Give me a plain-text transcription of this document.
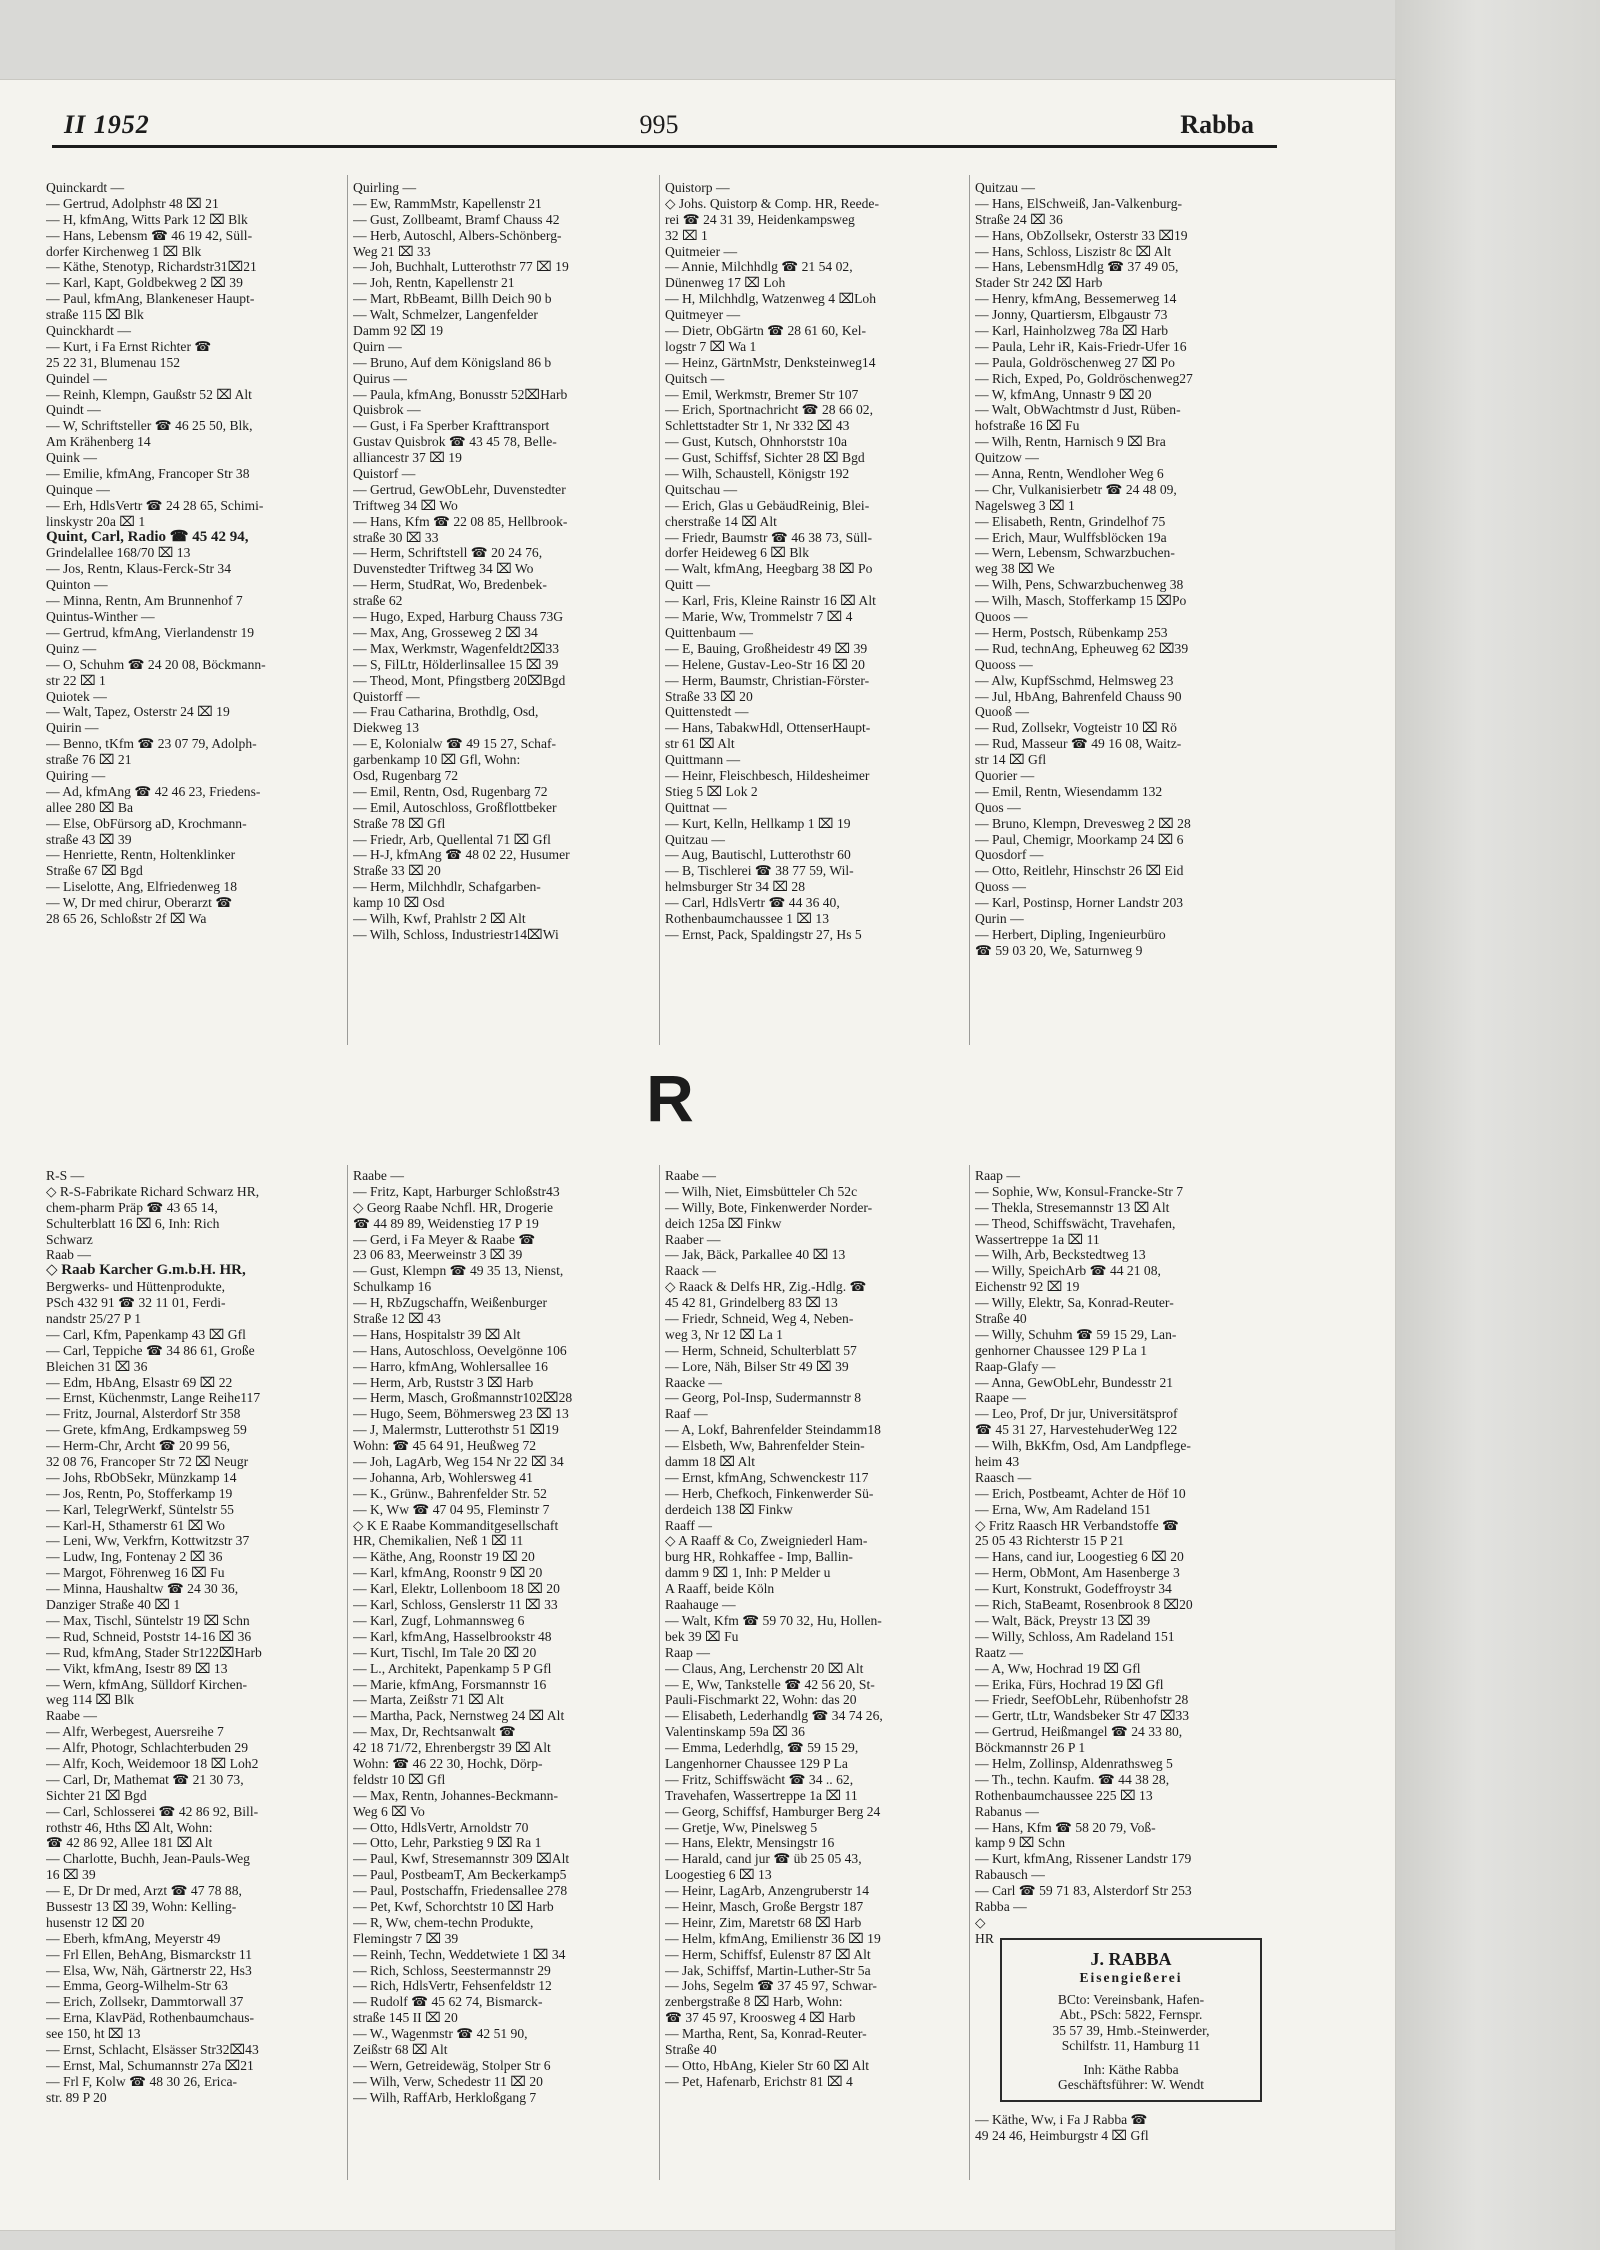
II 1952	995	Rabba
Quinckardt —
— Gertrud, Adolphstr 48 ⌧ 21
— H, kfmAng, Witts Park 12 ⌧ Blk
— Hans, Lebensm ☎ 46 19 42, Süll-
dorfer Kirchenweg 1 ⌧ Blk
— Käthe, Stenotyp, Richardstr31⌧21
— Karl, Kapt, Goldbekweg 2 ⌧ 39
— Paul, kfmAng, Blankeneser Haupt-
straße 115 ⌧ Blk
Quinckhardt —
— Kurt, i Fa Ernst Richter ☎
25 22 31, Blumenau 152
Quindel —
— Reinh, Klempn, Gaußstr 52 ⌧ Alt
Quindt —
— W, Schriftsteller ☎ 46 25 50, Blk,
Am Krähenberg 14
Quink —
— Emilie, kfmAng, Francoper Str 38
Quinque —
— Erh, HdlsVertr ☎ 24 28 65, Schimi-
linskystr 20a ⌧ 1
Quint, Carl, Radio ☎ 45 42 94,
Grindelallee 168/70 ⌧ 13
— Jos, Rentn, Klaus-Ferck-Str 34
Quinton —
— Minna, Rentn, Am Brunnenhof 7
Quintus-Winther —
— Gertrud, kfmAng, Vierlandenstr 19
Quinz —
— O, Schuhm ☎ 24 20 08, Böckmann-
str 22 ⌧ 1
Quiotek —
— Walt, Tapez, Osterstr 24 ⌧ 19
Quirin —
— Benno, tKfm ☎ 23 07 79, Adolph-
straße 76 ⌧ 21
Quiring —
— Ad, kfmAng ☎ 42 46 23, Friedens-
allee 280 ⌧ Ba
— Else, ObFürsorg aD, Krochmann-
straße 43 ⌧ 39
— Henriette, Rentn, Holtenklinker
Straße 67 ⌧ Bgd
— Liselotte, Ang, Elfriedenweg 18
— W, Dr med chirur, Oberarzt ☎
28 65 26, Schloßstr 2f ⌧ Wa
Quirling —
— Ew, RammMstr, Kapellenstr 21
— Gust, Zollbeamt, Bramf Chauss 42
— Herb, Autoschl, Albers-Schönberg-
Weg 21 ⌧ 33
— Joh, Buchhalt, Lutterothstr 77 ⌧ 19
— Joh, Rentn, Kapellenstr 21
— Mart, RbBeamt, Billh Deich 90 b
— Walt, Schmelzer, Langenfelder
Damm 92 ⌧ 19
Quirn —
— Bruno, Auf dem Königsland 86 b
Quirus —
— Paula, kfmAng, Bonusstr 52⌧Harb
Quisbrok —
— Gust, i Fa Sperber Krafttransport
Gustav Quisbrok ☎ 43 45 78, Belle-
alliancestr 37 ⌧ 19
Quistorf —
— Gertrud, GewObLehr, Duvenstedter
Triftweg 34 ⌧ Wo
— Hans, Kfm ☎ 22 08 85, Hellbrook-
straße 30 ⌧ 33
— Herm, Schriftstell ☎ 20 24 76,
Duvenstedter Triftweg 34 ⌧ Wo
— Herm, StudRat, Wo, Bredenbek-
straße 62
— Hugo, Exped, Harburg Chauss 73G
— Max, Ang, Grosseweg 2 ⌧ 34
— Max, Werkmstr, Wagenfeldt2⌧33
— S, FilLtr, Hölderlinsallee 15 ⌧ 39
— Theod, Mont, Pfingstberg 20⌧Bgd
Quistorff —
— Frau Catharina, Brothdlg, Osd,
Diekweg 13
— E, Kolonialw ☎ 49 15 27, Schaf-
garbenkamp 10 ⌧ Gfl, Wohn:
Osd, Rugenbarg 72
— Emil, Rentn, Osd, Rugenbarg 72
— Emil, Autoschloss, Großflottbeker
Straße 78 ⌧ Gfl
— Friedr, Arb, Quellental 71 ⌧ Gfl
— H-J, kfmAng ☎ 48 02 22, Husumer
Straße 33 ⌧ 20
— Herm, Milchhdlr, Schafgarben-
kamp 10 ⌧ Osd
— Wilh, Kwf, Prahlstr 2 ⌧ Alt
— Wilh, Schloss, Industriestr14⌧Wi
Quistorp —
◇ Johs. Quistorp & Comp. HR, Reede-
rei ☎ 24 31 39, Heidenkampsweg
32 ⌧ 1
Quitmeier —
— Annie, Milchhdlg ☎ 21 54 02,
Dünenweg 17 ⌧ Loh
— H, Milchhdlg, Watzenweg 4 ⌧Loh
Quitmeyer —
— Dietr, ObGärtn ☎ 28 61 60, Kel-
logstr 7 ⌧ Wa 1
— Heinz, GärtnMstr, Denksteinweg14
Quitsch —
— Emil, Werkmstr, Bremer Str 107
— Erich, Sportnachricht ☎ 28 66 02,
Schlettstadter Str 1, Nr 332 ⌧ 43
— Gust, Kutsch, Ohnhorststr 10a
— Gust, Schiffsf, Sichter 28 ⌧ Bgd
— Wilh, Schaustell, Königstr 192
Quitschau —
— Erich, Glas u GebäudReinig, Blei-
cherstraße 14 ⌧ Alt
— Friedr, Baumstr ☎ 46 38 73, Süll-
dorfer Heideweg 6 ⌧ Blk
— Walt, kfmAng, Heegbarg 38 ⌧ Po
Quitt —
— Karl, Fris, Kleine Rainstr 16 ⌧ Alt
— Marie, Ww, Trommelstr 7 ⌧ 4
Quittenbaum —
— E, Bauing, Großheidestr 49 ⌧ 39
— Helene, Gustav-Leo-Str 16 ⌧ 20
— Herm, Baumstr, Christian-Förster-
Straße 33 ⌧ 20
Quittenstedt —
— Hans, TabakwHdl, OttenserHaupt-
str 61 ⌧ Alt
Quittmann —
— Heinr, Fleischbesch, Hildesheimer
Stieg 5 ⌧ Lok 2
Quittnat —
— Kurt, Kelln, Hellkamp 1 ⌧ 19
Quitzau —
— Aug, Bautischl, Lutterothstr 60
— B, Tischlerei ☎ 38 77 59, Wil-
helmsburger Str 34 ⌧ 28
— Carl, HdlsVertr ☎ 44 36 40,
Rothenbaumchaussee 1 ⌧ 13
— Ernst, Pack, Spaldingstr 27, Hs 5
Quitzau —
— Hans, ElSchweiß, Jan-Valkenburg-
Straße 24 ⌧ 36
— Hans, ObZollsekr, Osterstr 33 ⌧19
— Hans, Schloss, Liszistr 8c ⌧ Alt
— Hans, LebensmHdlg ☎ 37 49 05,
Stader Str 242 ⌧ Harb
— Henry, kfmAng, Bessemerweg 14
— Jonny, Quartiersm, Elbgaustr 73
— Karl, Hainholzweg 78a ⌧ Harb
— Paula, Lehr iR, Kais-Friedr-Ufer 16
— Paula, Goldröschenweg 27 ⌧ Po
— Rich, Exped, Po, Goldröschenweg27
— W, kfmAng, Unnastr 9 ⌧ 20
— Walt, ObWachtmstr d Just, Rüben-
hofstraße 16 ⌧ Fu
— Wilh, Rentn, Harnisch 9 ⌧ Bra
Quitzow —
— Anna, Rentn, Wendloher Weg 6
— Chr, Vulkanisierbetr ☎ 24 48 09,
Nagelsweg 3 ⌧ 1
— Elisabeth, Rentn, Grindelhof 75
— Erich, Maur, Wulffsblöcken 19a
— Wern, Lebensm, Schwarzbuchen-
weg 38 ⌧ We
— Wilh, Pens, Schwarzbuchenweg 38
— Wilh, Masch, Stofferkamp 15 ⌧Po
Quoos —
— Herm, Postsch, Rübenkamp 253
— Rud, technAng, Epheuweg 62 ⌧39
Quooss —
— Alw, KupfSschmd, Helmsweg 23
— Jul, HbAng, Bahrenfeld Chauss 90
Quooß —
— Rud, Zollsekr, Vogteistr 10 ⌧ Rö
— Rud, Masseur ☎ 49 16 08, Waitz-
str 14 ⌧ Gfl
Quorier —
— Emil, Rentn, Wiesendamm 132
Quos —
— Bruno, Klempn, Drevesweg 2 ⌧ 28
— Paul, Chemigr, Moorkamp 24 ⌧ 6
Quosdorf —
— Otto, Reitlehr, Hinschstr 26 ⌧ Eid
Quoss —
— Karl, Postinsp, Horner Landstr 203
Qurin —
— Herbert, Dipling, Ingenieurbüro
☎ 59 03 20, We, Saturnweg 9
R
R-S —
◇ R-S-Fabrikate Richard Schwarz HR,
chem-pharm Präp ☎ 43 65 14,
Schulterblatt 16 ⌧ 6, Inh: Rich
Schwarz
Raab —
◇ Raab Karcher G.m.b.H. HR,
Bergwerks- und Hüttenprodukte,
PSch 432 91 ☎ 32 11 01, Ferdi-
nandstr 25/27 P 1
— Carl, Kfm, Papenkamp 43 ⌧ Gfl
— Carl, Teppiche ☎ 34 86 61, Große
Bleichen 31 ⌧ 36
— Edm, HbAng, Elsastr 69 ⌧ 22
— Ernst, Küchenmstr, Lange Reihe117
— Fritz, Journal, Alsterdorf Str 358
— Grete, kfmAng, Erdkampsweg 59
— Herm-Chr, Archt ☎ 20 99 56,
32 08 76, Francoper Str 72 ⌧ Neugr
— Johs, RbObSekr, Münzkamp 14
— Jos, Rentn, Po, Stofferkamp 19
— Karl, TelegrWerkf, Süntelstr 55
— Karl-H, Sthamerstr 61 ⌧ Wo
— Leni, Ww, Verkfrn, Kottwitzstr 37
— Ludw, Ing, Fontenay 2 ⌧ 36
— Margot, Föhrenweg 16 ⌧ Fu
— Minna, Haushaltw ☎ 24 30 36,
Danziger Straße 40 ⌧ 1
— Max, Tischl, Süntelstr 19 ⌧ Schn
— Rud, Schneid, Poststr 14-16 ⌧ 36
— Rud, kfmAng, Stader Str122⌧Harb
— Vikt, kfmAng, Isestr 89 ⌧ 13
— Wern, kfmAng, Sülldorf Kirchen-
weg 114 ⌧ Blk
Raabe —
— Alfr, Werbegest, Auersreihe 7
— Alfr, Photogr, Schlachterbuden 29
— Alfr, Koch, Weidemoor 18 ⌧ Loh2
— Carl, Dr, Mathemat ☎ 21 30 73,
Sichter 21 ⌧ Bgd
— Carl, Schlosserei ☎ 42 86 92, Bill-
rothstr 46, Hths ⌧ Alt, Wohn:
☎ 42 86 92, Allee 181 ⌧ Alt
— Charlotte, Buchh, Jean-Pauls-Weg
16 ⌧ 39
— E, Dr Dr med, Arzt ☎ 47 78 88,
Bussestr 13 ⌧ 39, Wohn: Kelling-
husenstr 12 ⌧ 20
— Eberh, kfmAng, Meyerstr 49
— Frl Ellen, BehAng, Bismarckstr 11
— Elsa, Ww, Näh, Gärtnerstr 22, Hs3
— Emma, Georg-Wilhelm-Str 63
— Erich, Zollsekr, Dammtorwall 37
— Erna, KlavPäd, Rothenbaumchaus-
see 150, ht ⌧ 13
— Ernst, Schlacht, Elsässer Str32⌧43
— Ernst, Mal, Schumannstr 27a ⌧21
— Frl F, Kolw ☎ 48 30 26, Erica-
str. 89 P 20
Raabe —
— Fritz, Kapt, Harburger Schloßstr43
◇ Georg Raabe Nchfl. HR, Drogerie
☎ 44 89 89, Weidenstieg 17 P 19
— Gerd, i Fa Meyer & Raabe ☎
23 06 83, Meerweinstr 3 ⌧ 39
— Gust, Klempn ☎ 49 35 13, Nienst,
Schulkamp 16
— H, RbZugschaffn, Weißenburger
Straße 12 ⌧ 43
— Hans, Hospitalstr 39 ⌧ Alt
— Hans, Autoschloss, Oevelgönne 106
— Harro, kfmAng, Wohlersallee 16
— Herm, Arb, Ruststr 3 ⌧ Harb
— Herm, Masch, Großmannstr102⌧28
— Hugo, Seem, Böhmersweg 23 ⌧ 13
— J, Malermstr, Lutterothstr 51 ⌧19
Wohn: ☎ 45 64 91, Heußweg 72
— Joh, LagArb, Weg 154 Nr 22 ⌧ 34
— Johanna, Arb, Wohlersweg 41
— K., Grünw., Bahrenfelder Str. 52
— K, Ww ☎ 47 04 95, Fleminstr 7
◇ K E Raabe Kommanditgesellschaft
HR, Chemikalien, Neß 1 ⌧ 11
— Käthe, Ang, Roonstr 19 ⌧ 20
— Karl, kfmAng, Roonstr 9 ⌧ 20
— Karl, Elektr, Lollenboom 18 ⌧ 20
— Karl, Schloss, Genslerstr 11 ⌧ 33
— Karl, Zugf, Lohmannsweg 6
— Karl, kfmAng, Hasselbrookstr 48
— Kurt, Tischl, Im Tale 20 ⌧ 20
— L., Architekt, Papenkamp 5 P Gfl
— Marie, kfmAng, Forsmannstr 16
— Marta, Zeißstr 71 ⌧ Alt
— Martha, Pack, Nernstweg 24 ⌧ Alt
— Max, Dr, Rechtsanwalt ☎
42 18 71/72, Ehrenbergstr 39 ⌧ Alt
Wohn: ☎ 46 22 30, Hochk, Dörp-
feldstr 10 ⌧ Gfl
— Max, Rentn, Johannes-Beckmann-
Weg 6 ⌧ Vo
— Otto, HdlsVertr, Arnoldstr 70
— Otto, Lehr, Parkstieg 9 ⌧ Ra 1
— Paul, Kwf, Stresemannstr 309 ⌧Alt
— Paul, PostbeamT, Am Beckerkamp5
— Paul, Postschaffn, Friedensallee 278
— Pet, Kwf, Schorchtstr 10 ⌧ Harb
— R, Ww, chem-techn Produkte,
Flemingstr 7 ⌧ 39
— Reinh, Techn, Weddetwiete 1 ⌧ 34
— Rich, Schloss, Seestermannstr 29
— Rich, HdlsVertr, Fehsenfeldstr 12
— Rudolf ☎ 45 62 74, Bismarck-
straße 145 II ⌧ 20
— W., Wagenmstr ☎ 42 51 90,
Zeißstr 68 ⌧ Alt
— Wern, Getreidewäg, Stolper Str 6
— Wilh, Verw, Schedestr 11 ⌧ 20
— Wilh, RaffArb, Herkloßgang 7
Raabe —
— Wilh, Niet, Eimsbütteler Ch 52c
— Willy, Bote, Finkenwerder Norder-
deich 125a ⌧ Finkw
Raaber —
— Jak, Bäck, Parkallee 40 ⌧ 13
Raack —
◇ Raack & Delfs HR, Zig.-Hdlg. ☎
45 42 81, Grindelberg 83 ⌧ 13
— Friedr, Schneid, Weg 4, Neben-
weg 3, Nr 12 ⌧ La 1
— Herm, Schneid, Schulterblatt 57
— Lore, Näh, Bilser Str 49 ⌧ 39
Raacke —
— Georg, Pol-Insp, Sudermannstr 8
Raaf —
— A, Lokf, Bahrenfelder Steindamm18
— Elsbeth, Ww, Bahrenfelder Stein-
damm 18 ⌧ Alt
— Ernst, kfmAng, Schwenckestr 117
— Herb, Chefkoch, Finkenwerder Sü-
derdeich 138 ⌧ Finkw
Raaff —
◇ A Raaff & Co, Zweigniederl Ham-
burg HR, Rohkaffee - Imp, Ballin-
damm 9 ⌧ 1, Inh: P Melder u
A Raaff, beide Köln
Raahauge —
— Walt, Kfm ☎ 59 70 32, Hu, Hollen-
bek 39 ⌧ Fu
Raap —
— Claus, Ang, Lerchenstr 20 ⌧ Alt
— E, Ww, Tankstelle ☎ 42 56 20, St-
Pauli-Fischmarkt 22, Wohn: das 20
— Elisabeth, Lederhandlg ☎ 34 74 26,
Valentinskamp 59a ⌧ 36
— Emma, Lederhdlg, ☎ 59 15 29,
Langenhorner Chaussee 129 P La
— Fritz, Schiffswächt ☎ 34 .. 62,
Travehafen, Wassertreppe 1a ⌧ 11
— Georg, Schiffsf, Hamburger Berg 24
— Gretje, Ww, Pinelsweg 5
— Hans, Elektr, Mensingstr 16
— Harald, cand jur ☎ üb 25 05 43,
Loogestieg 6 ⌧ 13
— Heinr, LagArb, Anzengruberstr 14
— Heinr, Masch, Große Bergstr 187
— Heinr, Zim, Maretstr 68 ⌧ Harb
— Helm, kfmAng, Emilienstr 36 ⌧ 19
— Herm, Schiffsf, Eulenstr 87 ⌧ Alt
— Jak, Schiffsf, Martin-Luther-Str 5a
— Johs, Segelm ☎ 37 45 97, Schwar-
zenbergstraße 8 ⌧ Harb, Wohn:
☎ 37 45 97, Kroosweg 4 ⌧ Harb
— Martha, Rent, Sa, Konrad-Reuter-
Straße 40
— Otto, HbAng, Kieler Str 60 ⌧ Alt
— Pet, Hafenarb, Erichstr 81 ⌧ 4
Raap —
— Sophie, Ww, Konsul-Francke-Str 7
— Thekla, Stresemannstr 13 ⌧ Alt
— Theod, Schiffswächt, Travehafen,
Wassertreppe 1a ⌧ 11
— Wilh, Arb, Beckstedtweg 13
— Willy, SpeichArb ☎ 44 21 08,
Eichenstr 92 ⌧ 19
— Willy, Elektr, Sa, Konrad-Reuter-
Straße 40
— Willy, Schuhm ☎ 59 15 29, Lan-
genhorner Chaussee 129 P La 1
Raap-Glafy —
— Anna, GewObLehr, Bundesstr 21
Raape —
— Leo, Prof, Dr jur, Universitätsprof
☎ 45 31 27, HarvestehuderWeg 122
— Wilh, BkKfm, Osd, Am Landpflege-
heim 43
Raasch —
— Erich, Postbeamt, Achter de Höf 10
— Erna, Ww, Am Radeland 151
◇ Fritz Raasch HR Verbandstoffe ☎
25 05 43 Richterstr 15 P 21
— Hans, cand iur, Loogestieg 6 ⌧ 20
— Herm, ObMont, Am Hasenberge 3
— Kurt, Konstrukt, Godeffroystr 34
— Rich, StaBeamt, Rosenbrook 8 ⌧20
— Walt, Bäck, Preystr 13 ⌧ 39
— Willy, Schloss, Am Radeland 151
Raatz —
— A, Ww, Hochrad 19 ⌧ Gfl
— Erika, Fürs, Hochrad 19 ⌧ Gfl
— Friedr, SeefObLehr, Rübenhofstr 28
— Gertr, tLtr, Wandsbeker Str 47 ⌧33
— Gertrud, Heißmangel ☎ 24 33 80,
Böckmannstr 26 P 1
— Helm, Zollinsp, Aldenrathsweg 5
— Th., techn. Kaufm. ☎ 44 38 28,
Rothenbaumchaussee 225 ⌧ 13
Rabanus —
— Hans, Kfm ☎ 58 20 79, Voß-
kamp 9 ⌧ Schn
— Kurt, kfmAng, Rissener Landstr 179
Rabausch —
— Carl ☎ 59 71 83, Alsterdorf Str 253
Rabba —
◇
HR
J. RABBA
Eisengießerei
BCto: Vereinsbank, Hafen-
Abt., PSch: 5822, Fernspr.
35 57 39, Hmb.-Steinwerder,
Schilfstr. 11, Hamburg 11
Inh: Käthe Rabba
Geschäftsführer: W. Wendt
— Käthe, Ww, i Fa J Rabba ☎
49 24 46, Heimburgstr 4 ⌧ Gfl
